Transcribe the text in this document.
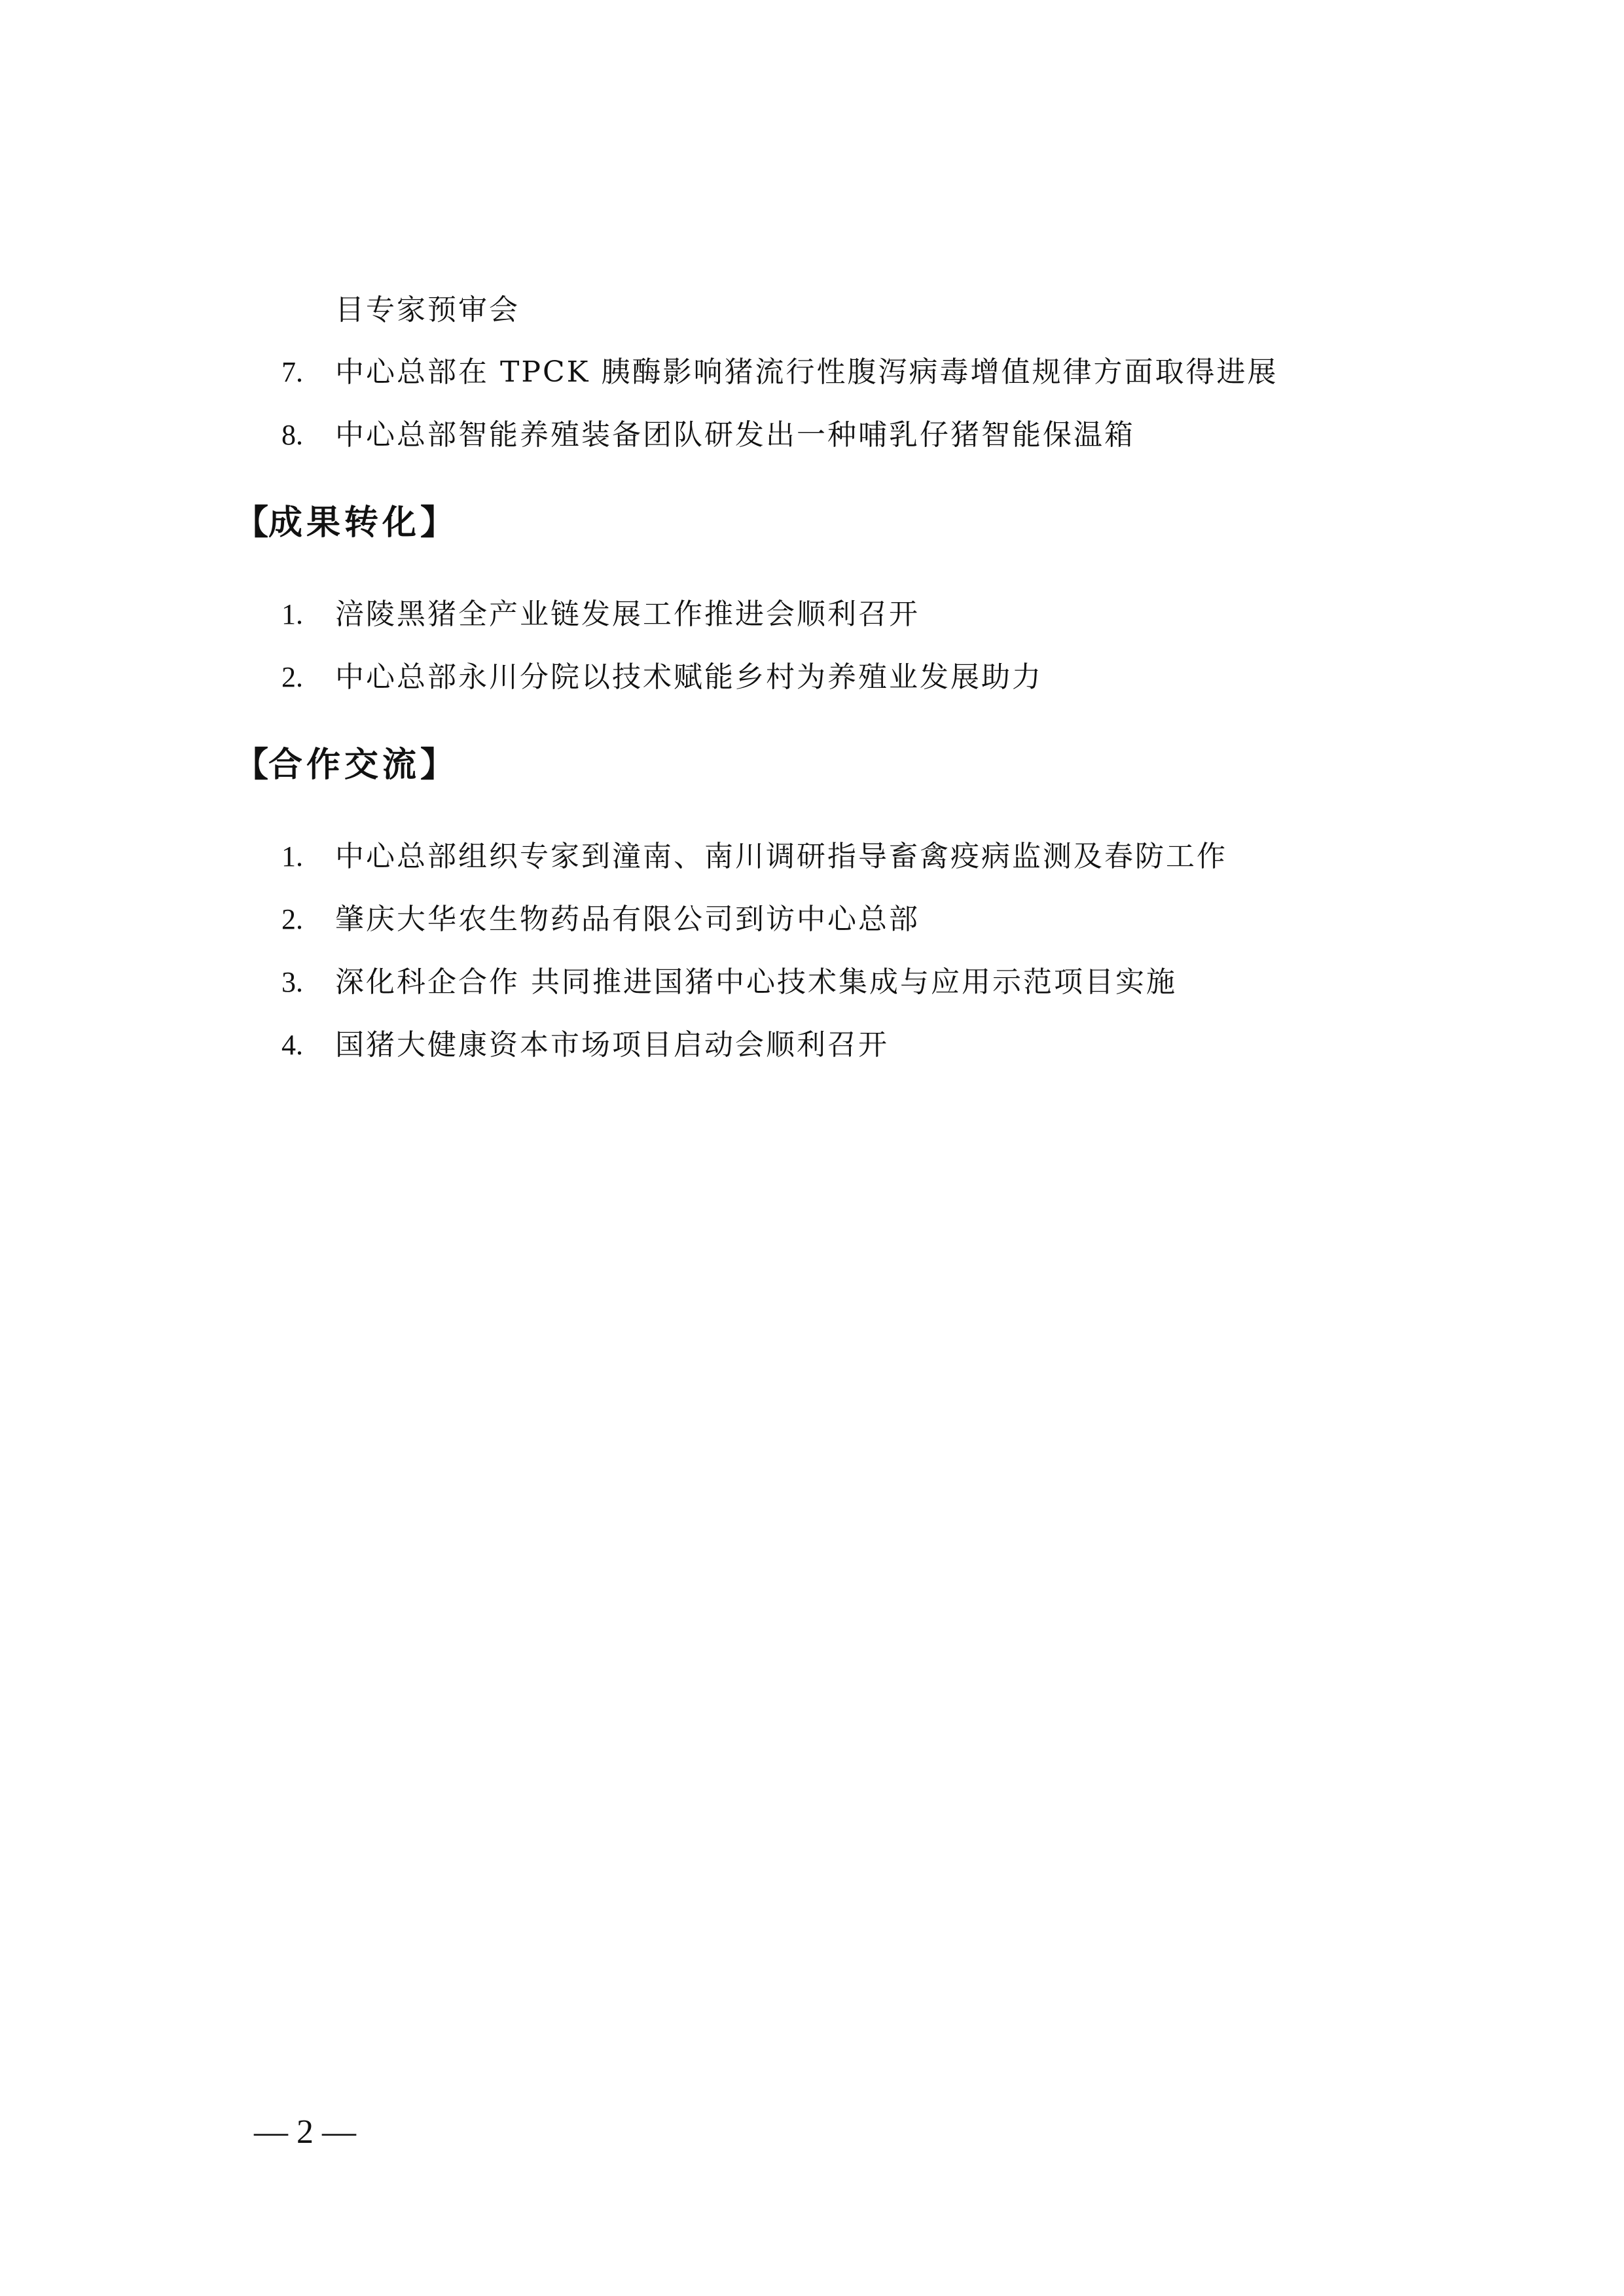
目专家预审会
7. 中心总部在 TPCK 胰酶影响猪流行性腹泻病毒增值规律方面取得进展
8. 中心总部智能养殖装备团队研发出一种哺乳仔猪智能保温箱
【成果转化】
1. 涪陵黑猪全产业链发展工作推进会顺利召开
2. 中心总部永川分院以技术赋能乡村为养殖业发展助力
【合作交流】
1. 中心总部组织专家到潼南、南川调研指导畜禽疫病监测及春防工作
2. 肇庆大华农生物药品有限公司到访中心总部
3. 深化科企合作 共同推进国猪中心技术集成与应用示范项目实施
4. 国猪大健康资本市场项目启动会顺利召开
— 2 —
